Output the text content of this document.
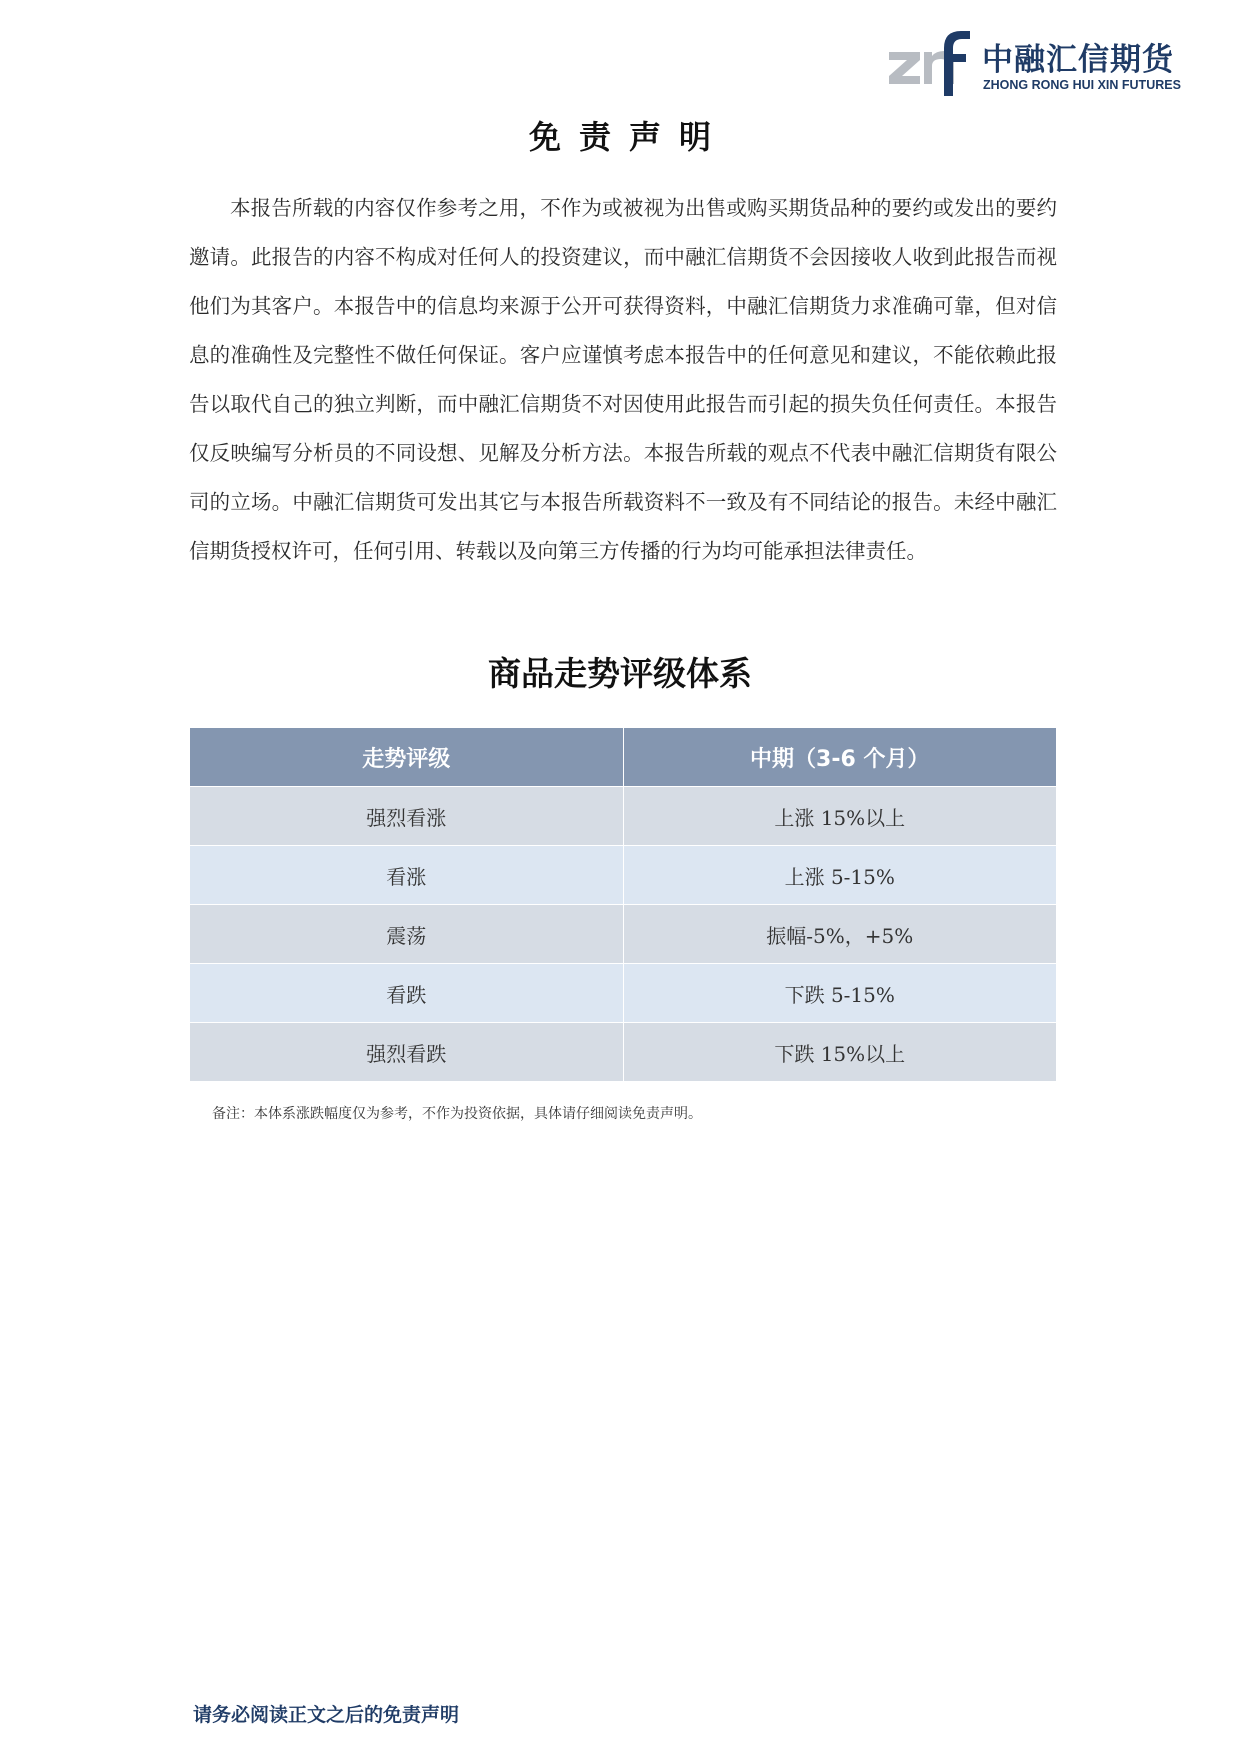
中融汇信期货
ZHONG RONG HUI XIN FUTURES
免责声明

本报告所载的内容仅作参考之用，不作为或被视为出售或购买期货品种的要约或发出的要约邀请。此报告的内容不构成对任何人的投资建议，而中融汇信期货不会因接收人收到此报告而视他们为其客户。本报告中的信息均来源于公开可获得资料，中融汇信期货力求准确可靠，但对信息的准确性及完整性不做任何保证。客户应谨慎考虑本报告中的任何意见和建议，不能依赖此报告以取代自己的独立判断，而中融汇信期货不对因使用此报告而引起的损失负任何责任。本报告仅反映编写分析员的不同设想、见解及分析方法。本报告所载的观点不代表中融汇信期货有限公司的立场。中融汇信期货可发出其它与本报告所载资料不一致及有不同结论的报告。未经中融汇信期货授权许可，任何引用、转载以及向第三方传播的行为均可能承担法律责任。

商品走势评级体系
走势评级	中期（3-6 个月）
强烈看涨	上涨 15%以上
看涨	上涨 5-15%
震荡	振幅-5%，+5%
看跌	下跌 5-15%
强烈看跌	下跌 15%以上
备注：本体系涨跌幅度仅为参考，不作为投资依据，具体请仔细阅读免责声明。
请务必阅读正文之后的免责声明
